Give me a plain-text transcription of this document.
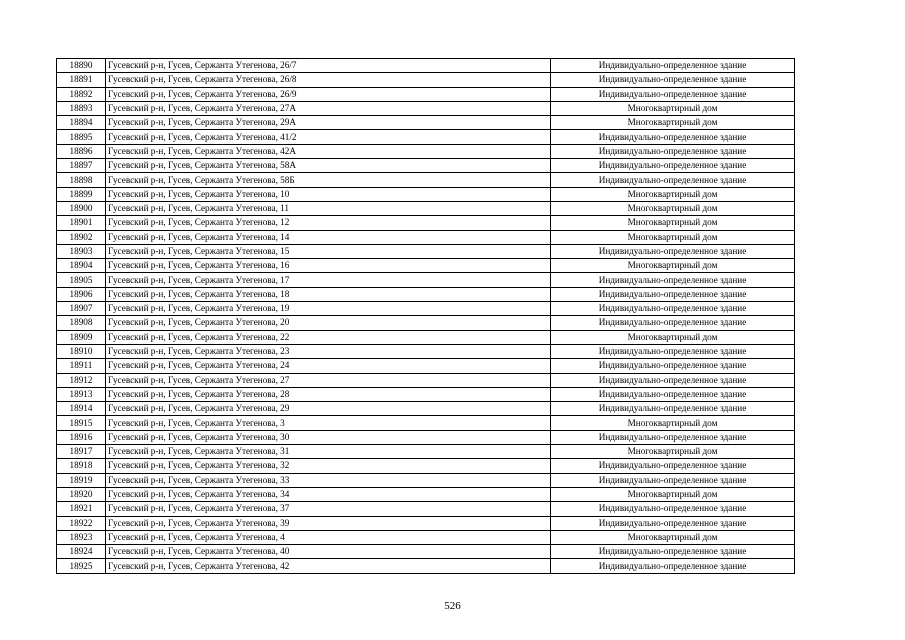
18890	Гусевский р-н, Гусев, Сержанта Утегенова, 26/7	Индивидуально-определенное здание
18891	Гусевский р-н, Гусев, Сержанта Утегенова, 26/8	Индивидуально-определенное здание
18892	Гусевский р-н, Гусев, Сержанта Утегенова, 26/9	Индивидуально-определенное здание
18893	Гусевский р-н, Гусев, Сержанта Утегенова, 27А	Многоквартирный дом
18894	Гусевский р-н, Гусев, Сержанта Утегенова, 29А	Многоквартирный дом
18895	Гусевский р-н, Гусев, Сержанта Утегенова, 41/2	Индивидуально-определенное здание
18896	Гусевский р-н, Гусев, Сержанта Утегенова, 42А	Индивидуально-определенное здание
18897	Гусевский р-н, Гусев, Сержанта Утегенова, 58А	Индивидуально-определенное здание
18898	Гусевский р-н, Гусев, Сержанта Утегенова, 58Б	Индивидуально-определенное здание
18899	Гусевский р-н, Гусев, Сержанта Утегенова, 10	Многоквартирный дом
18900	Гусевский р-н, Гусев, Сержанта Утегенова, 11	Многоквартирный дом
18901	Гусевский р-н, Гусев, Сержанта Утегенова, 12	Многоквартирный дом
18902	Гусевский р-н, Гусев, Сержанта Утегенова, 14	Многоквартирный дом
18903	Гусевский р-н, Гусев, Сержанта Утегенова, 15	Индивидуально-определенное здание
18904	Гусевский р-н, Гусев, Сержанта Утегенова, 16	Многоквартирный дом
18905	Гусевский р-н, Гусев, Сержанта Утегенова, 17	Индивидуально-определенное здание
18906	Гусевский р-н, Гусев, Сержанта Утегенова, 18	Индивидуально-определенное здание
18907	Гусевский р-н, Гусев, Сержанта Утегенова, 19	Индивидуально-определенное здание
18908	Гусевский р-н, Гусев, Сержанта Утегенова, 20	Индивидуально-определенное здание
18909	Гусевский р-н, Гусев, Сержанта Утегенова, 22	Многоквартирный дом
18910	Гусевский р-н, Гусев, Сержанта Утегенова, 23	Индивидуально-определенное здание
18911	Гусевский р-н, Гусев, Сержанта Утегенова, 24	Индивидуально-определенное здание
18912	Гусевский р-н, Гусев, Сержанта Утегенова, 27	Индивидуально-определенное здание
18913	Гусевский р-н, Гусев, Сержанта Утегенова, 28	Индивидуально-определенное здание
18914	Гусевский р-н, Гусев, Сержанта Утегенова, 29	Индивидуально-определенное здание
18915	Гусевский р-н, Гусев, Сержанта Утегенова, 3	Многоквартирный дом
18916	Гусевский р-н, Гусев, Сержанта Утегенова, 30	Индивидуально-определенное здание
18917	Гусевский р-н, Гусев, Сержанта Утегенова, 31	Многоквартирный дом
18918	Гусевский р-н, Гусев, Сержанта Утегенова, 32	Индивидуально-определенное здание
18919	Гусевский р-н, Гусев, Сержанта Утегенова, 33	Индивидуально-определенное здание
18920	Гусевский р-н, Гусев, Сержанта Утегенова, 34	Многоквартирный дом
18921	Гусевский р-н, Гусев, Сержанта Утегенова, 37	Индивидуально-определенное здание
18922	Гусевский р-н, Гусев, Сержанта Утегенова, 39	Индивидуально-определенное здание
18923	Гусевский р-н, Гусев, Сержанта Утегенова, 4	Многоквартирный дом
18924	Гусевский р-н, Гусев, Сержанта Утегенова, 40	Индивидуально-определенное здание
18925	Гусевский р-н, Гусев, Сержанта Утегенова, 42	Индивидуально-определенное здание
526
